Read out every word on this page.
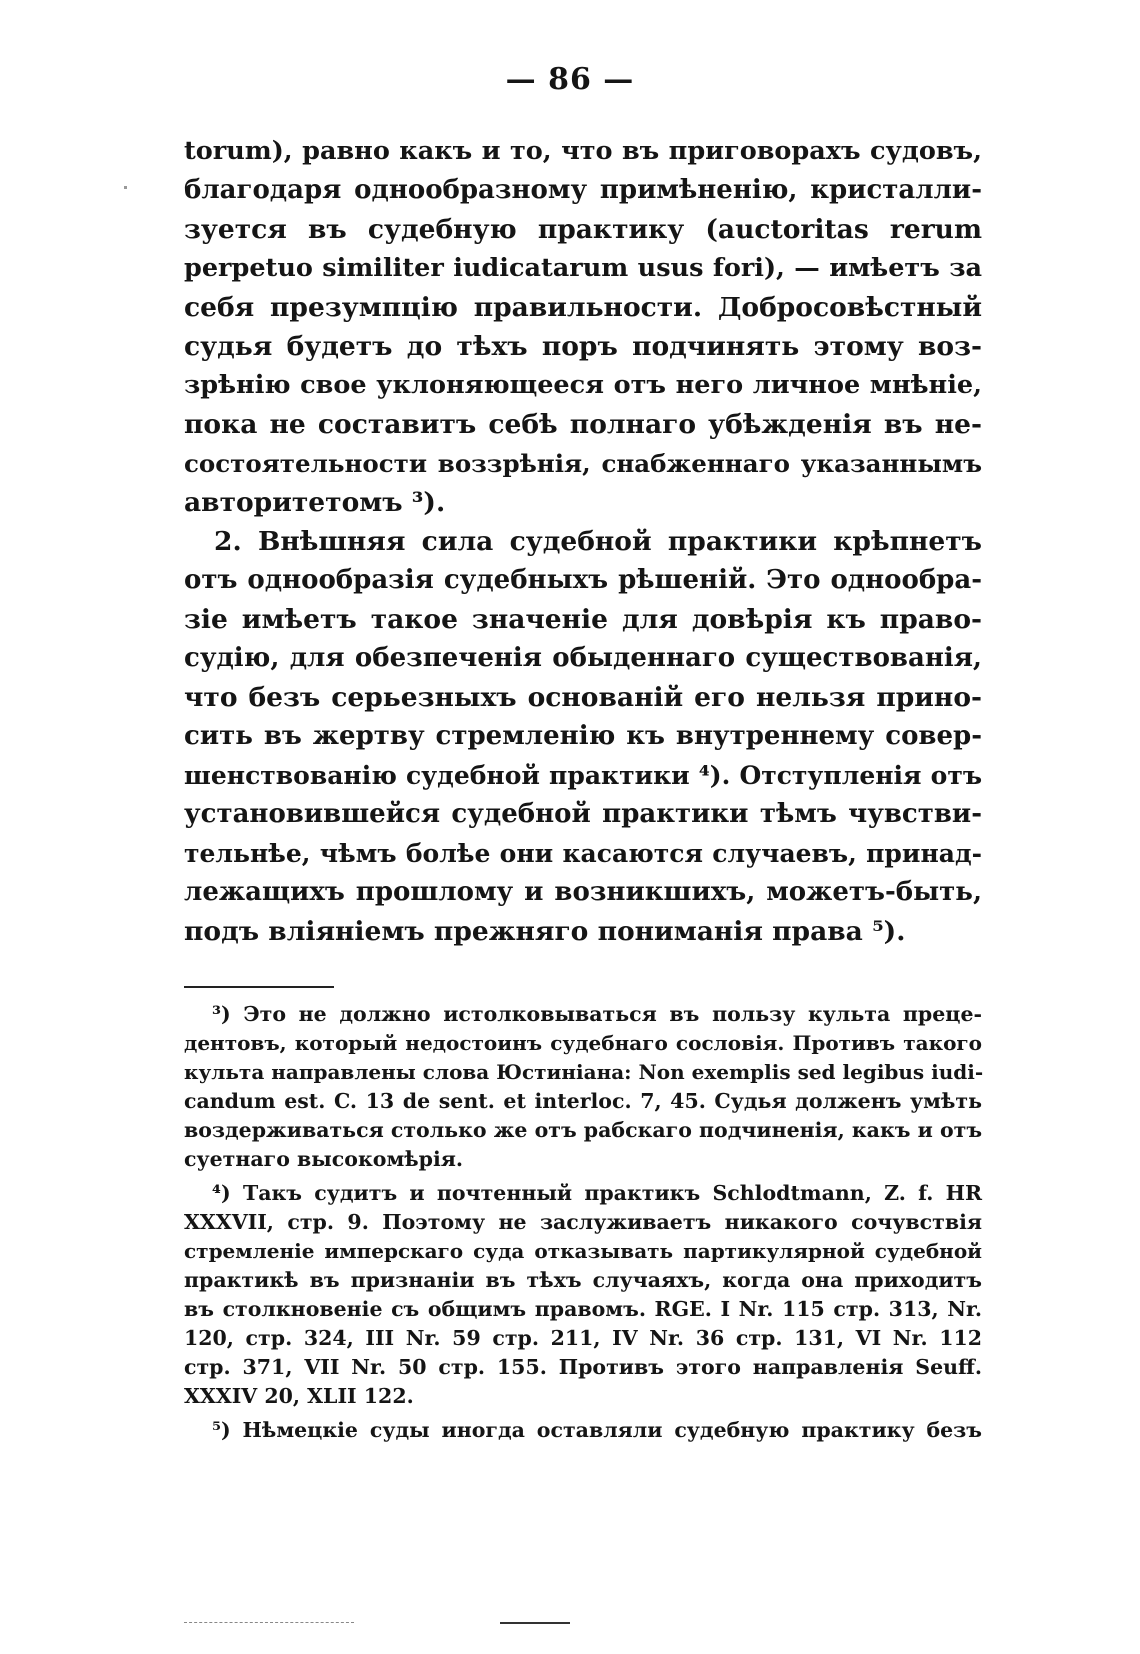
— 86 —
torum), равно какъ и то, что въ приговорахъ судовъ,
благодаря однообразному примѣненію, кристалли-
зуется въ судебную практику (auctoritas rerum
perpetuo similiter iudicatarum usus fori), — имѣетъ за
себя презумпцію правильности. Добросовѣстный
судья будетъ до тѣхъ поръ подчинять этому воз-
зрѣнію свое уклоняющееся отъ него личное мнѣніе,
пока не составитъ себѣ полнаго убѣжденія въ не-
состоятельности воззрѣнія, снабженнаго указаннымъ
авторитетомъ ³).
2. Внѣшняя сила судебной практики крѣпнетъ
отъ однообразія судебныхъ рѣшеній. Это однообра-
зіе имѣетъ такое значеніе для довѣрія къ право-
судію, для обезпеченія обыденнаго существованія,
что безъ серьезныхъ основаній его нельзя прино-
сить въ жертву стремленію къ внутреннему совер-
шенствованію судебной практики ⁴). Отступленія отъ
установившейся судебной практики тѣмъ чувстви-
тельнѣе, чѣмъ болѣе они касаются случаевъ, принад-
лежащихъ прошлому и возникшихъ, можетъ-быть,
подъ вліяніемъ прежняго пониманія права ⁵).
³) Это не должно истолковываться въ пользу культа преце-
дентовъ, который недостоинъ судебнаго сословія. Противъ такого
культа направлены слова Юстиніана: Non exemplis sed legibus iudi-
candum est. C. 13 de sent. et interloc. 7, 45. Судья долженъ умѣть
воздерживаться столько же отъ рабскаго подчиненія, какъ и отъ
суетнаго высокомѣрія.
⁴) Такъ судитъ и почтенный практикъ Schlodtmann, Z. f. HR
XXXVII, стр. 9. Поэтому не заслуживаетъ никакого сочувствія
стремленіе имперскаго суда отказывать партикулярной судебной
практикѣ въ признаніи въ тѣхъ случаяхъ, когда она приходитъ
въ столкновеніе съ общимъ правомъ. RGE. I Nr. 115 стр. 313, Nr.
120, стр. 324, III Nr. 59 стр. 211, IV Nr. 36 стр. 131, VI Nr. 112
стр. 371, VII Nr. 50 стр. 155. Противъ этого направленія Seuff.
XXXIV 20, XLII 122.
⁵) Нѣмецкіе суды иногда оставляли судебную практику безъ
